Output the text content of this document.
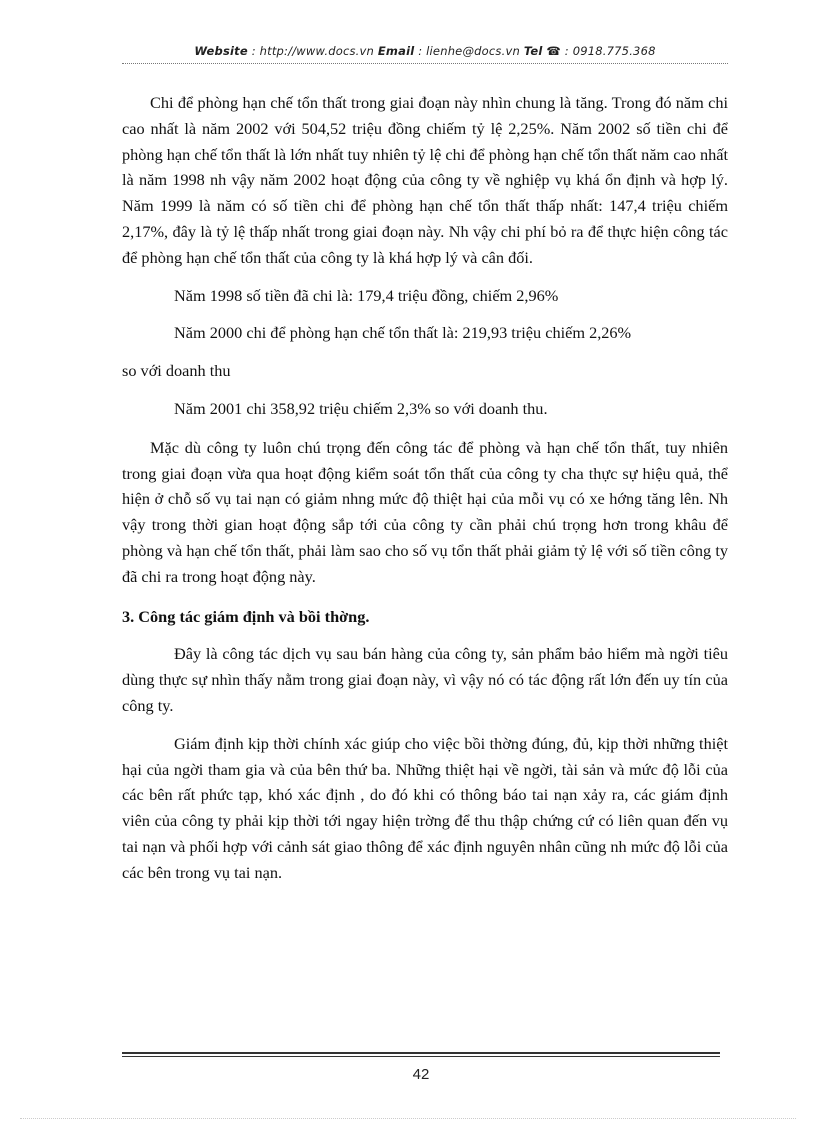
Website : http://www.docs.vn Email : lienhe@docs.vn Tel ☎ : 0918.775.368

Chi để phòng hạn chế tổn thất trong giai đoạn này nhìn chung là tăng. Trong đó năm chi cao nhất là năm 2002 với 504,52 triệu đồng chiếm tỷ lệ 2,25%. Năm 2002 số tiền chi để phòng hạn chế tổn thất là lớn nhất tuy nhiên tỷ lệ chi để phòng hạn chế tổn thất năm cao nhất là năm 1998 nh vậy năm 2002 hoạt động của công ty về nghiệp vụ khá ổn định và hợp lý. Năm 1999 là năm có số tiền chi để phòng hạn chế tổn thất thấp nhất: 147,4 triệu chiếm 2,17%, đây là tỷ lệ thấp nhất trong giai đoạn này. Nh vậy chi phí bỏ ra để thực hiện công tác để phòng hạn chế tổn thất của công ty là khá hợp lý và cân đối.

Năm 1998 số tiền đã chi là: 179,4 triệu đồng, chiếm 2,96%

Năm 2000 chi để phòng hạn chế tổn thất là: 219,93 triệu chiếm 2,26%

so với doanh thu

Năm 2001 chi 358,92 triệu chiếm 2,3% so với doanh thu.

Mặc dù công ty luôn chú trọng đến công tác để phòng và hạn chế tổn thất, tuy nhiên trong giai đoạn vừa qua hoạt động kiểm soát tổn thất của công ty cha thực sự hiệu quả, thể hiện ở chỗ số vụ tai nạn có giảm nhng mức độ thiệt hại của mỗi vụ có xe hớng tăng lên. Nh vậy trong thời gian hoạt động sắp tới của công ty cần phải chú trọng hơn trong khâu để phòng và hạn chế tổn thất, phải làm sao cho số vụ tổn thất phải giảm tỷ lệ với số tiền công ty đã chi ra trong hoạt động này.

3. Công tác giám định và bồi thờng.

Đây là công tác dịch vụ sau bán hàng của công ty, sản phẩm bảo hiểm mà ngời tiêu dùng thực sự nhìn thấy nằm trong giai đoạn này, vì vậy nó có tác động rất lớn đến uy tín của công ty.

Giám định kịp thời chính xác giúp cho việc bồi thờng đúng, đủ, kịp thời những thiệt hại của ngời tham gia và của bên thứ ba. Những thiệt hại về ngời, tài sản và mức độ lỗi của các bên rất phức tạp, khó xác định , do đó khi có thông báo tai nạn xảy ra, các giám định viên của công ty phải kịp thời tới ngay hiện trờng để thu thập chứng cứ có liên quan đến vụ tai nạn và phối hợp với cảnh sát giao thông để xác định nguyên nhân cũng nh mức độ lỗi của các bên trong vụ tai nạn.

42
